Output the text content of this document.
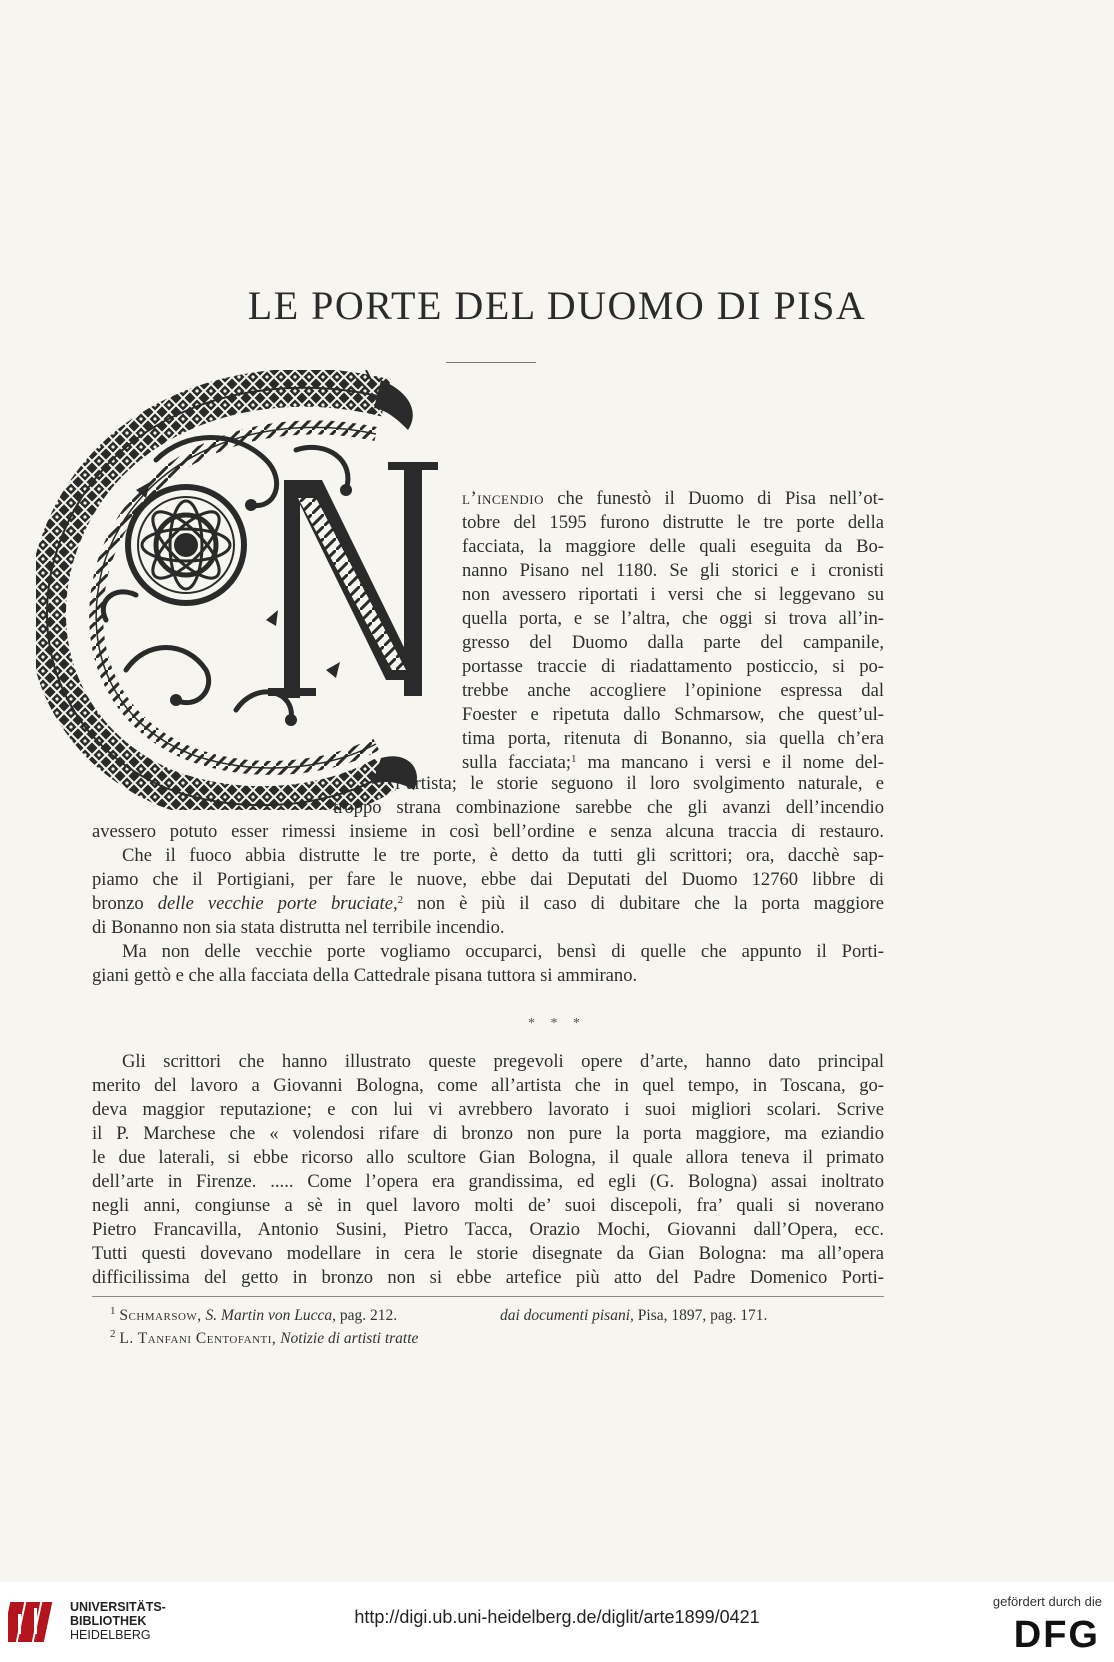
LE PORTE DEL DUOMO DI PISA
l’incendio che funestò il Duomo di Pisa nell’ot-
tobre del 1595 furono distrutte le tre porte della
facciata, la maggiore delle quali eseguita da Bo-
nanno Pisano nel 1180. Se gli storici e i cronisti
non avessero riportati i versi che si leggevano su
quella porta, e se l’altra, che oggi si trova all’in-
gresso del Duomo dalla parte del campanile,
portasse traccie di riadattamento posticcio, si po-
trebbe anche accogliere l’opinione espressa dal
Foester e ripetuta dallo Schmarsow, che quest’ul-
tima porta, ritenuta di Bonanno, sia quella ch’era
sulla facciata;$^1$ ma mancano i versi e il nome del-
l’artista; le storie seguono il loro svolgimento naturale, e
troppo strana combinazione sarebbe che gli avanzi dell’incendio
avessero potuto esser rimessi insieme in così bell’ordine e senza alcuna traccia di restauro.
Che il fuoco abbia distrutte le tre porte, è detto da tutti gli scrittori; ora, dacchè sap-
piamo che il Portigiani, per fare le nuove, ebbe dai Deputati del Duomo 12760 libbre di
bronzo delle vecchie porte bruciate,$^2$ non è più il caso di dubitare che la porta maggiore
di Bonanno non sia stata distrutta nel terribile incendio.
Ma non delle vecchie porte vogliamo occuparci, bensì di quelle che appunto il Porti-
giani gettò e che alla facciata della Cattedrale pisana tuttora si ammirano.
* * *
Gli scrittori che hanno illustrato queste pregevoli opere d’arte, hanno dato principal
merito del lavoro a Giovanni Bologna, come all’artista che in quel tempo, in Toscana, go-
deva maggior reputazione; e con lui vi avrebbero lavorato i suoi migliori scolari. Scrive
il P. Marchese che « volendosi rifare di bronzo non pure la porta maggiore, ma eziandio
le due laterali, si ebbe ricorso allo scultore Gian Bologna, il quale allora teneva il primato
dell’arte in Firenze. ..... Come l’opera era grandissima, ed egli (G. Bologna) assai inoltrato
negli anni, congiunse a sè in quel lavoro molti de’ suoi discepoli, fra’ quali si noverano
Pietro Francavilla, Antonio Susini, Pietro Tacca, Orazio Mochi, Giovanni dall’Opera, ecc.
Tutti questi dovevano modellare in cera le storie disegnate da Gian Bologna: ma all’opera
difficilissima del getto in bronzo non si ebbe artefice più atto del Padre Domenico Porti-
$^1$ Schmarsow, S. Martin von Lucca, pag. 212.	dai documenti pisani, Pisa, 1897, pag. 171.
$^2$ L. Tanfani Centofanti, Notizie di artisti tratte
UNIVERSITÄTS-
BIBLIOTHEK
HEIDELBERG
http://digi.ub.uni-heidelberg.de/diglit/arte1899/0421
gefördert durch die
DFG
